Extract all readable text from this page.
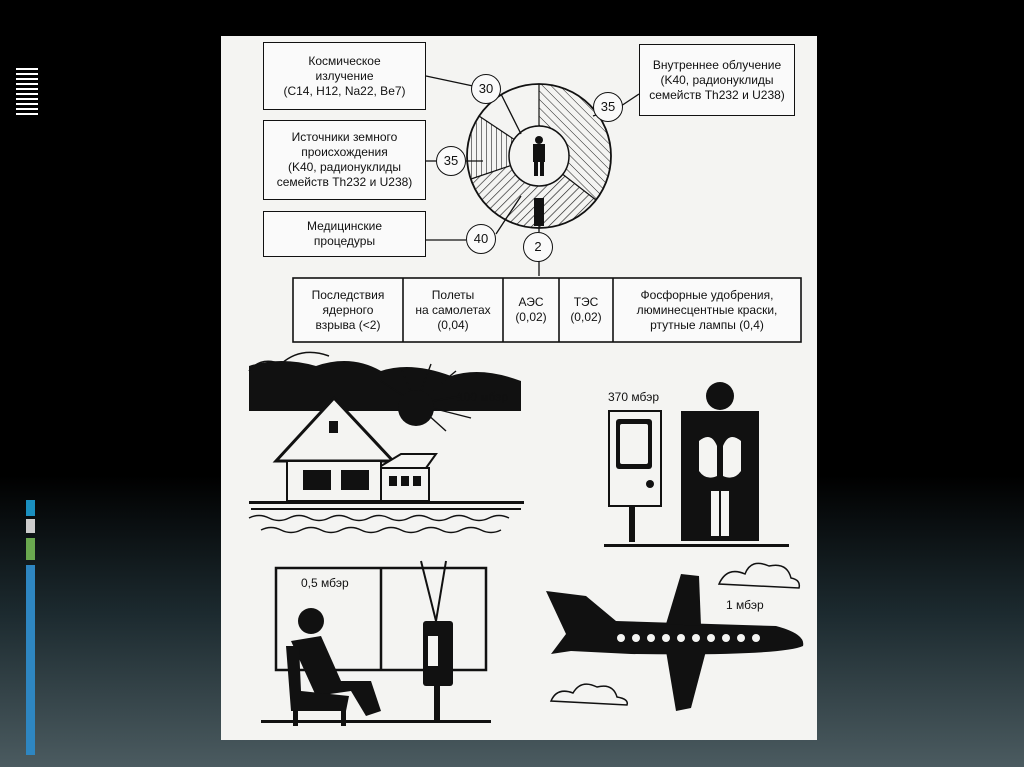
Космическое
излучение
(C14, H12, Na22, Be7)
Источники земного
происхождения
(K40, радионуклиды
семейств Th232 и U238)
Медицинские
процедуры
Внутреннее облучение
(K40, радионуклиды
семейств Th232 и U238)
30
35
40
35
2
Последствия
ядерного
взрыва (<2)
Полеты
на самолетах
(0,04)
АЭС
(0,02)
ТЭС
(0,02)
Фосфорные удобрения,
люминесцентные краски,
ртутные лампы (0,4)
100 мбэр	370 мбэр
0,5 мбэр
1 мбэр
